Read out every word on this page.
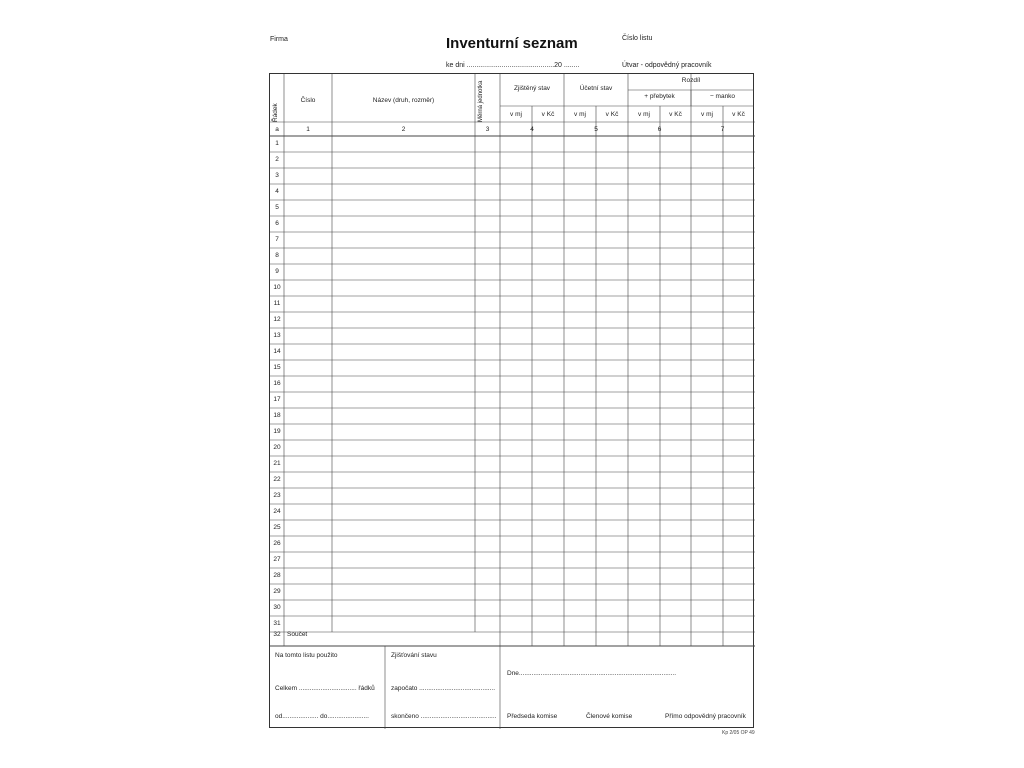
Firma	Inventurní seznam	Číslo listu
ke dni .............................................20 ........	Útvar - odpovědný pracovník
Řádek
Číslo	Název (druh, rozměr)	Měrná jednotka	Zjištěný stav	Účetní stav
Rozdíl
+ přebytek	− manko
v mj	v Kč	v mj	v Kč	v mj	v Kč	v mj	v Kč
a	1	2	3	4	5	6	7
1
2
3
4
5
6
7
8
9
10
11
12
13
14
15
16
17
18
19
20
21
22
23
24
25
26
27
28
29
30
31
32 Součet
Na tomto listu použito
Celkem ................................ řádků
od.................... do.......................
Zjišťování stavu
započato ..........................................
skončeno ..........................................
Dne.......................................................................................
Předseda komise	Členové komise	Přímo odpovědný pracovník
Kp 2/05 OP 49
